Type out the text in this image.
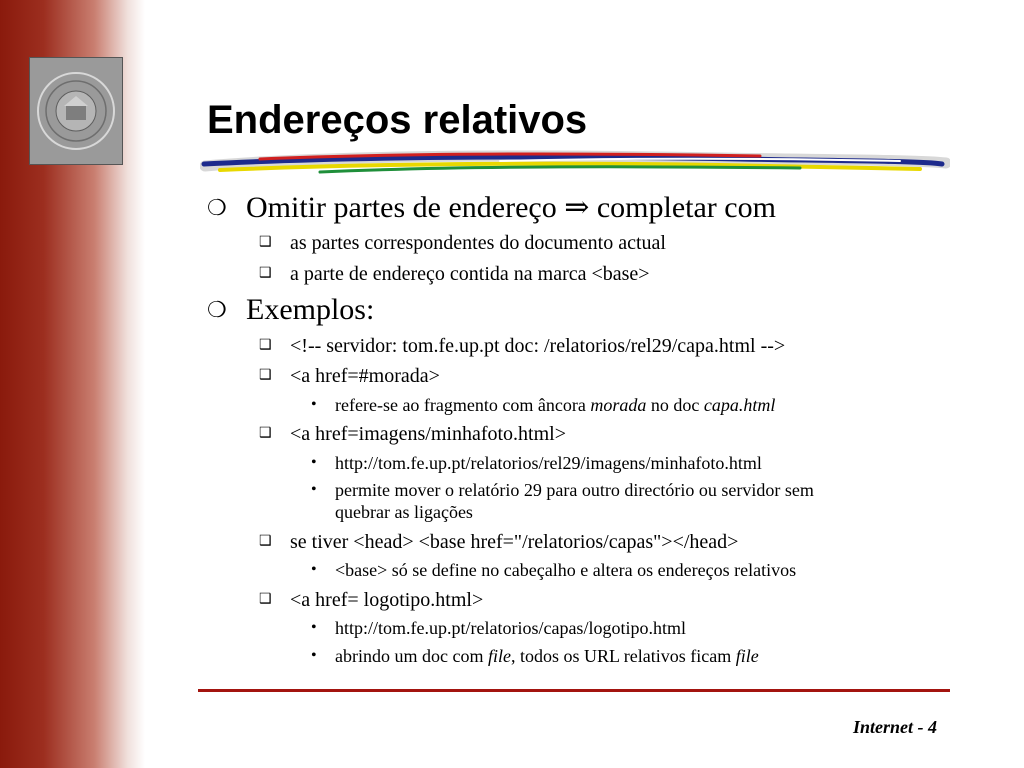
Endereços relativos
❍ Omitir partes de endereço ⇒ completar com
❑ as partes correspondentes do documento actual
❑ a parte de endereço contida na marca <base>
❍ Exemplos:
❑ <!-- servidor: tom.fe.up.pt doc: /relatorios/rel29/capa.html -->
❑ <a href=#morada>
• refere-se ao fragmento com âncora morada no doc capa.html
❑ <a href=imagens/minhafoto.html>
• http://tom.fe.up.pt/relatorios/rel29/imagens/minhafoto.html
• permite mover o relatório 29 para outro directório ou servidor sem
quebrar as ligações
❑ se tiver <head> <base href="/relatorios/capas"></head>
• <base> só se define no cabeçalho e altera os endereços relativos
❑ <a href= logotipo.html>
• http://tom.fe.up.pt/relatorios/capas/logotipo.html
• abrindo um doc com file, todos os URL relativos ficam file
Internet - 4
